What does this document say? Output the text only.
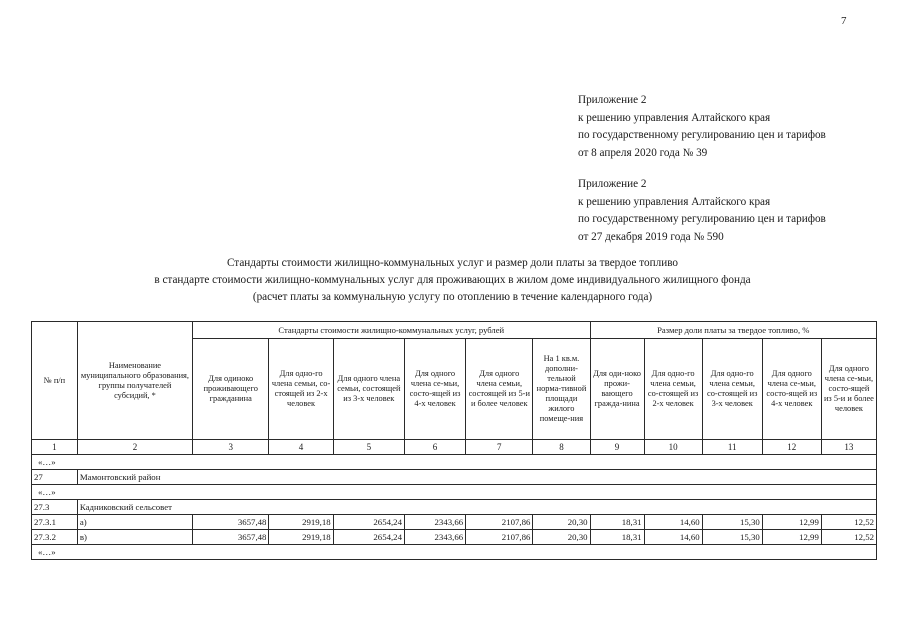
7
Приложение 2
к решению управления Алтайского края
по государственному регулированию цен и тарифов
от 8 апреля 2020 года № 39
Приложение 2
к решению управления Алтайского края
по государственному регулированию цен и тарифов
от 27 декабря 2019 года № 590
Стандарты стоимости жилищно-коммунальных услуг и размер доли платы за твердое топливо
в стандарте стоимости жилищно-коммунальных услуг для проживающих в жилом доме индивидуального жилищного фонда
(расчет платы за коммунальную услугу по отоплению в течение календарного года)
№ п/п	Наименование муниципального образования, группы получателей субсидий, *	Стандарты стоимости жилищно-коммунальных услуг, рублей						Размер доли платы за твердое топливо, %				
		Для одиноко проживающего гражданина	Для одно-го члена семьи, со-стоящей из 2-х человек	Для одного члена семьи, состоящей из 3-х человек	Для одного члена се-мьи, состо-ящей из 4-х человек	Для одного члена семьи, состоящей из 5-и и более человек	На 1 кв.м. дополни-тельной норма-тивной площади жилого помеще-ния	Для оди-ноко прожи-вающего гражда-нина	Для одно-го члена семьи, со-стоящей из 2-х человек	Для одно-го члена семьи, со-стоящей из 3-х человек	Для одного члена се-мьи, состо-ящей из 4-х человек	Для одного члена се-мьи, состо-ящей из 5-и и более человек
1	2	3	4	5	6	7	8	9	10	11	12	13
«…»												
27	Мамонтовский район											
«…»												
27.3	Кадниковский сельсовет											
27.3.1	а)	3657,48	2919,18	2654,24	2343,66	2107,86	20,30	18,31	14,60	15,30	12,99	12,52
27.3.2	в)	3657,48	2919,18	2654,24	2343,66	2107,86	20,30	18,31	14,60	15,30	12,99	12,52
«…»												
